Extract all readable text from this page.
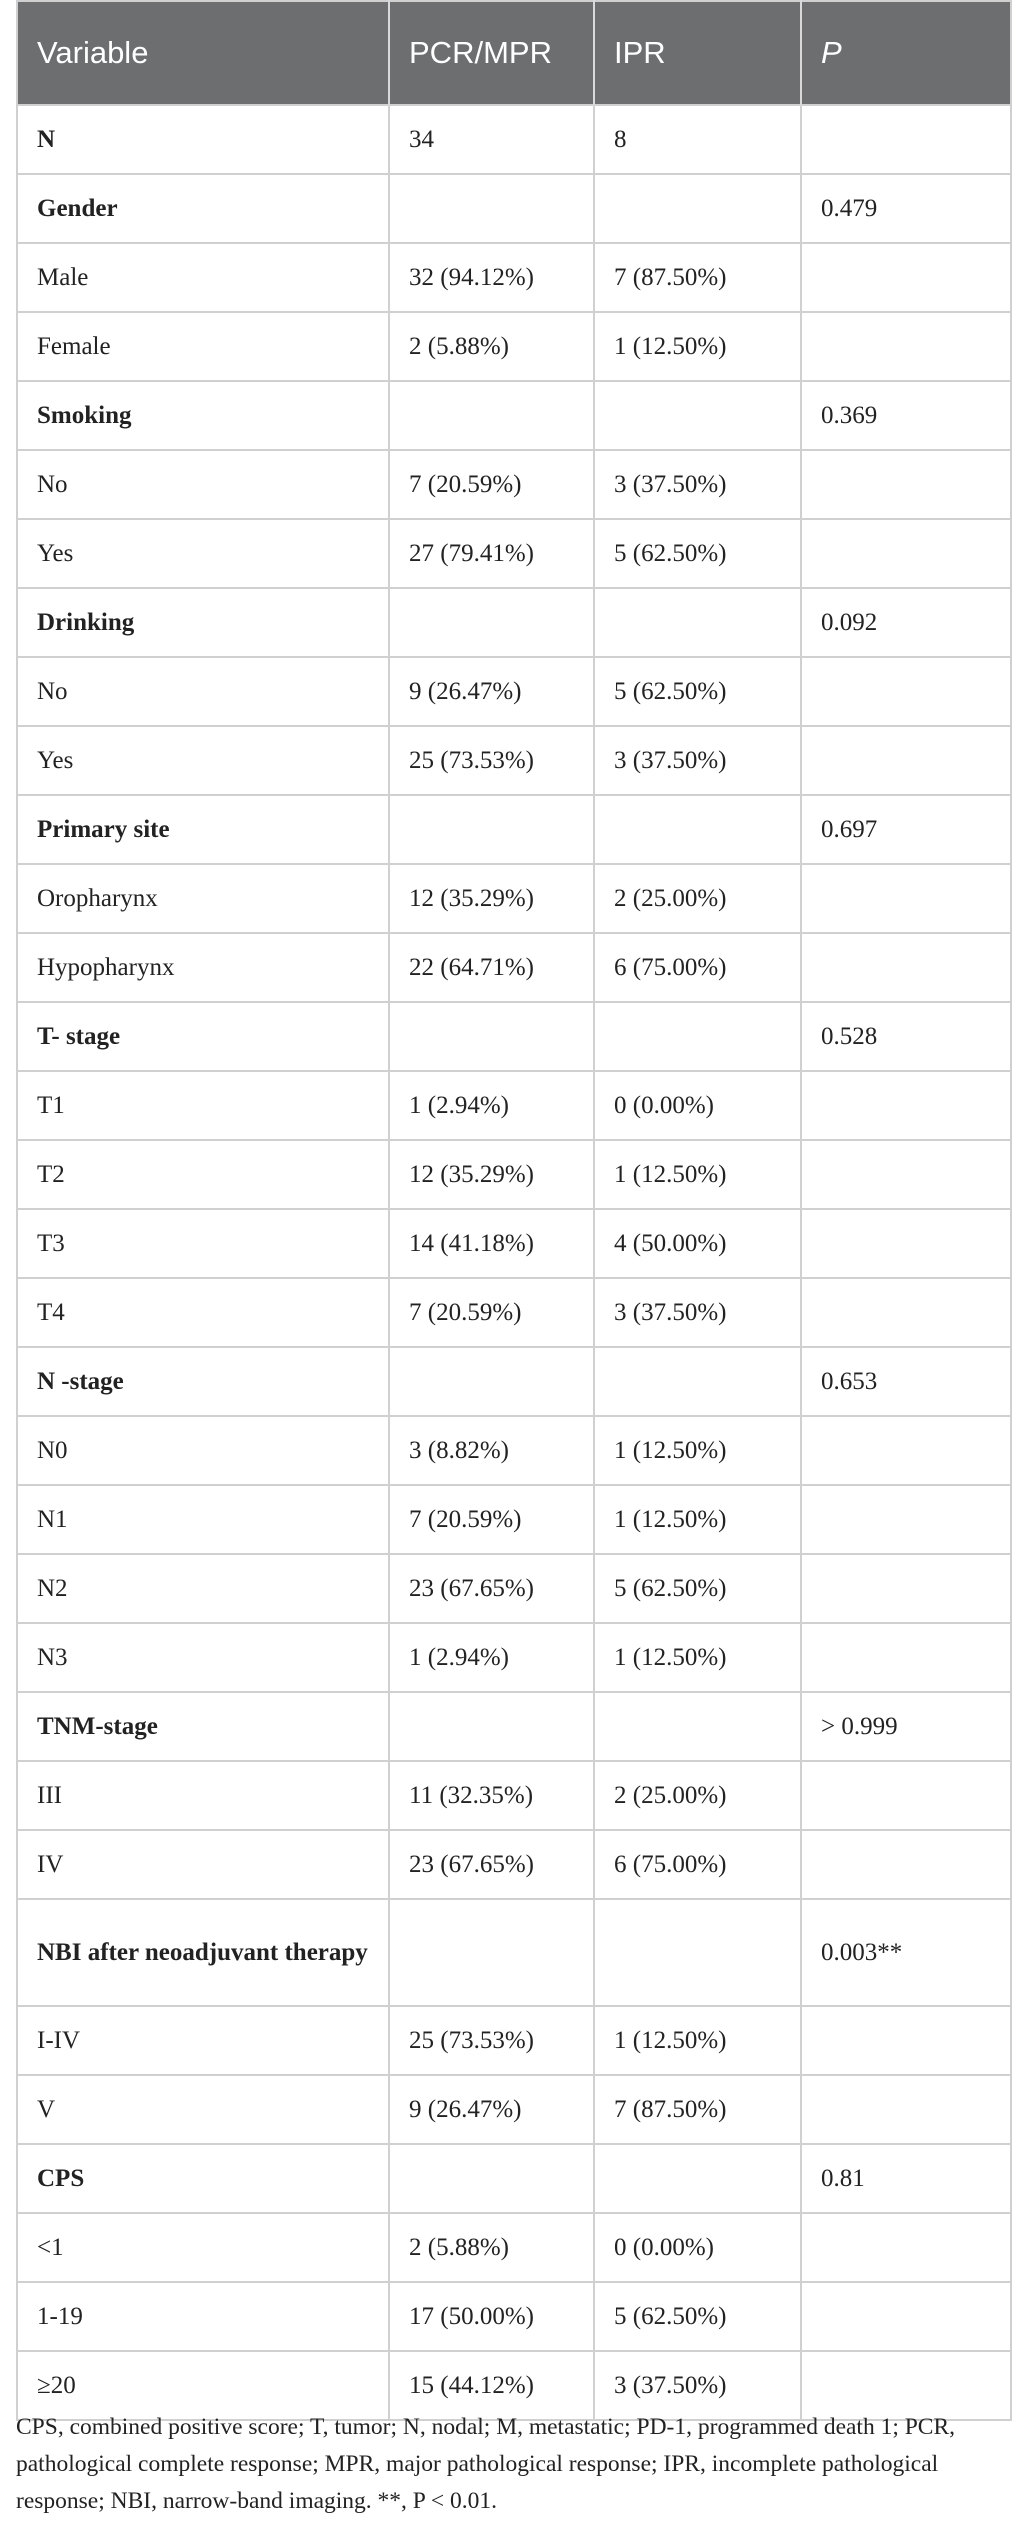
Variable	PCR/MPR	IPR	P
N	34	8	
Gender			0.479
Male	32 (94.12%)	7 (87.50%)	
Female	2 (5.88%)	1 (12.50%)	
Smoking			0.369
No	7 (20.59%)	3 (37.50%)	
Yes	27 (79.41%)	5 (62.50%)	
Drinking			0.092
No	9 (26.47%)	5 (62.50%)	
Yes	25 (73.53%)	3 (37.50%)	
Primary site			0.697
Oropharynx	12 (35.29%)	2 (25.00%)	
Hypopharynx	22 (64.71%)	6 (75.00%)	
T- stage			0.528
T1	1 (2.94%)	0 (0.00%)	
T2	12 (35.29%)	1 (12.50%)	
T3	14 (41.18%)	4 (50.00%)	
T4	7 (20.59%)	3 (37.50%)	
N -stage			0.653
N0	3 (8.82%)	1 (12.50%)	
N1	7 (20.59%)	1 (12.50%)	
N2	23 (67.65%)	5 (62.50%)	
N3	1 (2.94%)	1 (12.50%)	
TNM-stage			> 0.999
III	11 (32.35%)	2 (25.00%)	
IV	23 (67.65%)	6 (75.00%)	
NBI after neoadjuvant therapy			0.003**
I-IV	25 (73.53%)	1 (12.50%)	
V	9 (26.47%)	7 (87.50%)	
CPS			0.81
<1	2 (5.88%)	0 (0.00%)	
1-19	17 (50.00%)	5 (62.50%)	
≥20	15 (44.12%)	3 (37.50%)	
CPS, combined positive score; T, tumor; N, nodal; M, metastatic; PD-1, programmed death 1; PCR, pathological complete response; MPR, major pathological response; IPR, incomplete pathological response; NBI, narrow-band imaging. **, P < 0.01.
